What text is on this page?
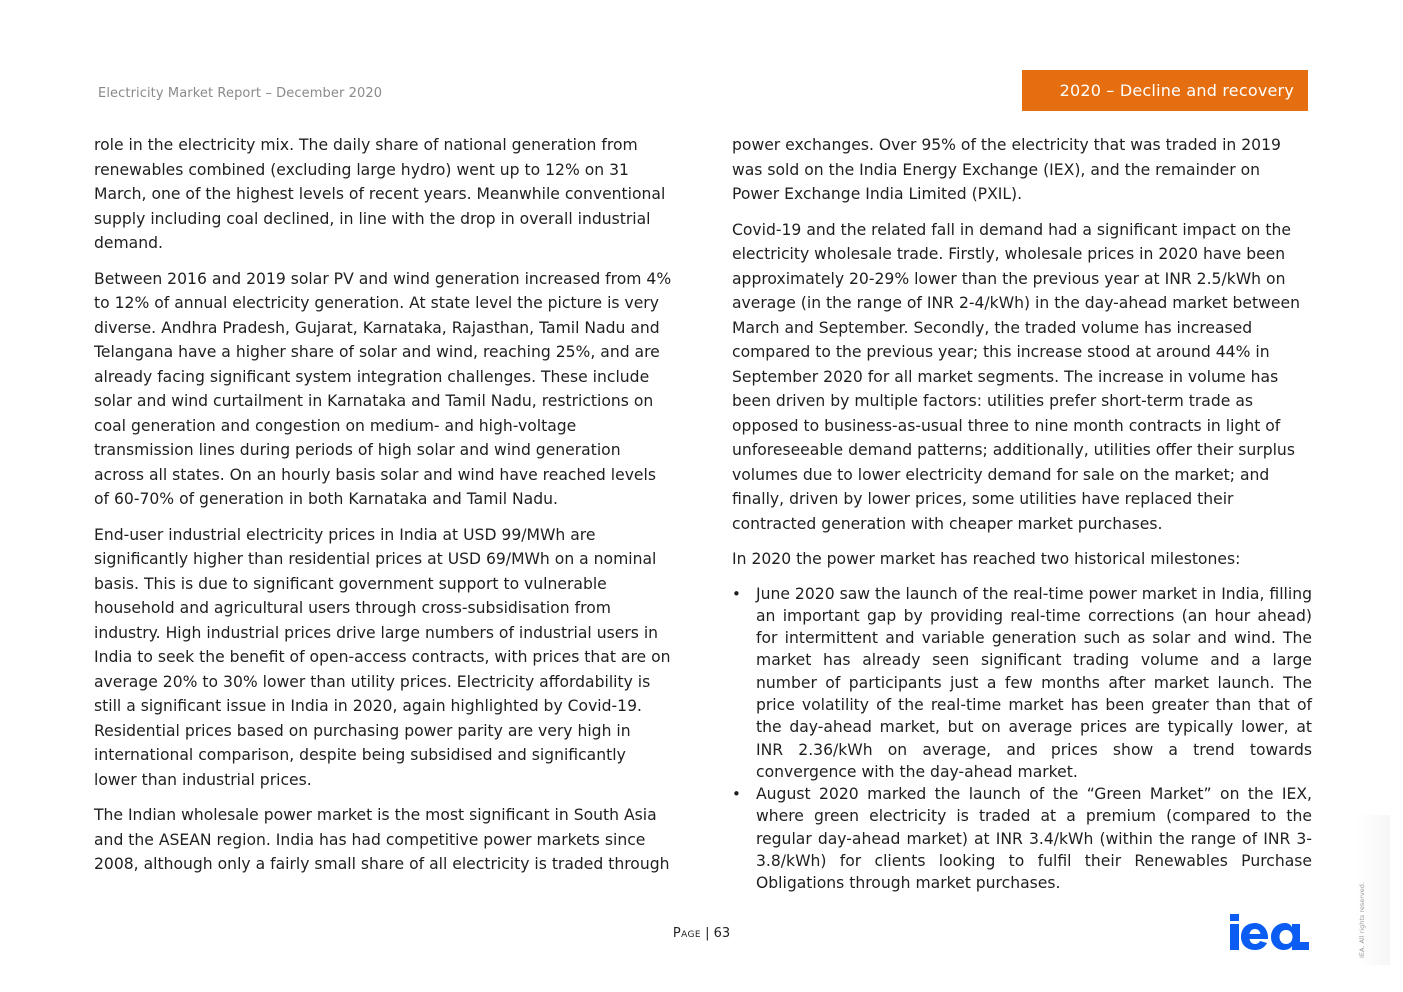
Electricity Market Report – December 2020	2020 – Decline and recovery

role in the electricity mix. The daily share of national generation from renewables combined (excluding large hydro) went up to 12% on 31 March, one of the highest levels of recent years. Meanwhile conventional supply including coal declined, in line with the drop in overall industrial demand.

Between 2016 and 2019 solar PV and wind generation increased from 4% to 12% of annual electricity generation. At state level the picture is very diverse. Andhra Pradesh, Gujarat, Karnataka, Rajasthan, Tamil Nadu and Telangana have a higher share of solar and wind, reaching 25%, and are already facing significant system integration challenges. These include solar and wind curtailment in Karnataka and Tamil Nadu, restrictions on coal generation and congestion on medium- and high-voltage transmission lines during periods of high solar and wind generation across all states. On an hourly basis solar and wind have reached levels of 60-70% of generation in both Karnataka and Tamil Nadu.

End-user industrial electricity prices in India at USD 99/MWh are significantly higher than residential prices at USD 69/MWh on a nominal basis. This is due to significant government support to vulnerable household and agricultural users through cross-subsidisation from industry. High industrial prices drive large numbers of industrial users in India to seek the benefit of open-access contracts, with prices that are on average 20% to 30% lower than utility prices. Electricity affordability is still a significant issue in India in 2020, again highlighted by Covid-19. Residential prices based on purchasing power parity are very high in international comparison, despite being subsidised and significantly lower than industrial prices.

The Indian wholesale power market is the most significant in South Asia and the ASEAN region. India has had competitive power markets since 2008, although only a fairly small share of all electricity is traded through

power exchanges. Over 95% of the electricity that was traded in 2019 was sold on the India Energy Exchange (IEX), and the remainder on Power Exchange India Limited (PXIL).

Covid-19 and the related fall in demand had a significant impact on the electricity wholesale trade. Firstly, wholesale prices in 2020 have been approximately 20-29% lower than the previous year at INR 2.5/kWh on average (in the range of INR 2-4/kWh) in the day-ahead market between March and September. Secondly, the traded volume has increased compared to the previous year; this increase stood at around 44% in September 2020 for all market segments. The increase in volume has been driven by multiple factors: utilities prefer short-term trade as opposed to business-as-usual three to nine month contracts in light of unforeseeable demand patterns; additionally, utilities offer their surplus volumes due to lower electricity demand for sale on the market; and finally, driven by lower prices, some utilities have replaced their contracted generation with cheaper market purchases.

In 2020 the power market has reached two historical milestones:

• June 2020 saw the launch of the real-time power market in India, filling an important gap by providing real-time corrections (an hour ahead) for intermittent and variable generation such as solar and wind. The market has already seen significant trading volume and a large number of participants just a few months after market launch. The price volatility of the real-time market has been greater than that of the day-ahead market, but on average prices are typically lower, at INR 2.36/kWh on average, and prices show a trend towards convergence with the day-ahead market.
• August 2020 marked the launch of the “Green Market” on the IEX, where green electricity is traded at a premium (compared to the regular day-ahead market) at INR 3.4/kWh (within the range of INR 3-3.8/kWh) for clients looking to fulfil their Renewables Purchase Obligations through market purchases.
Page | 63	IEA. All rights reserved.
